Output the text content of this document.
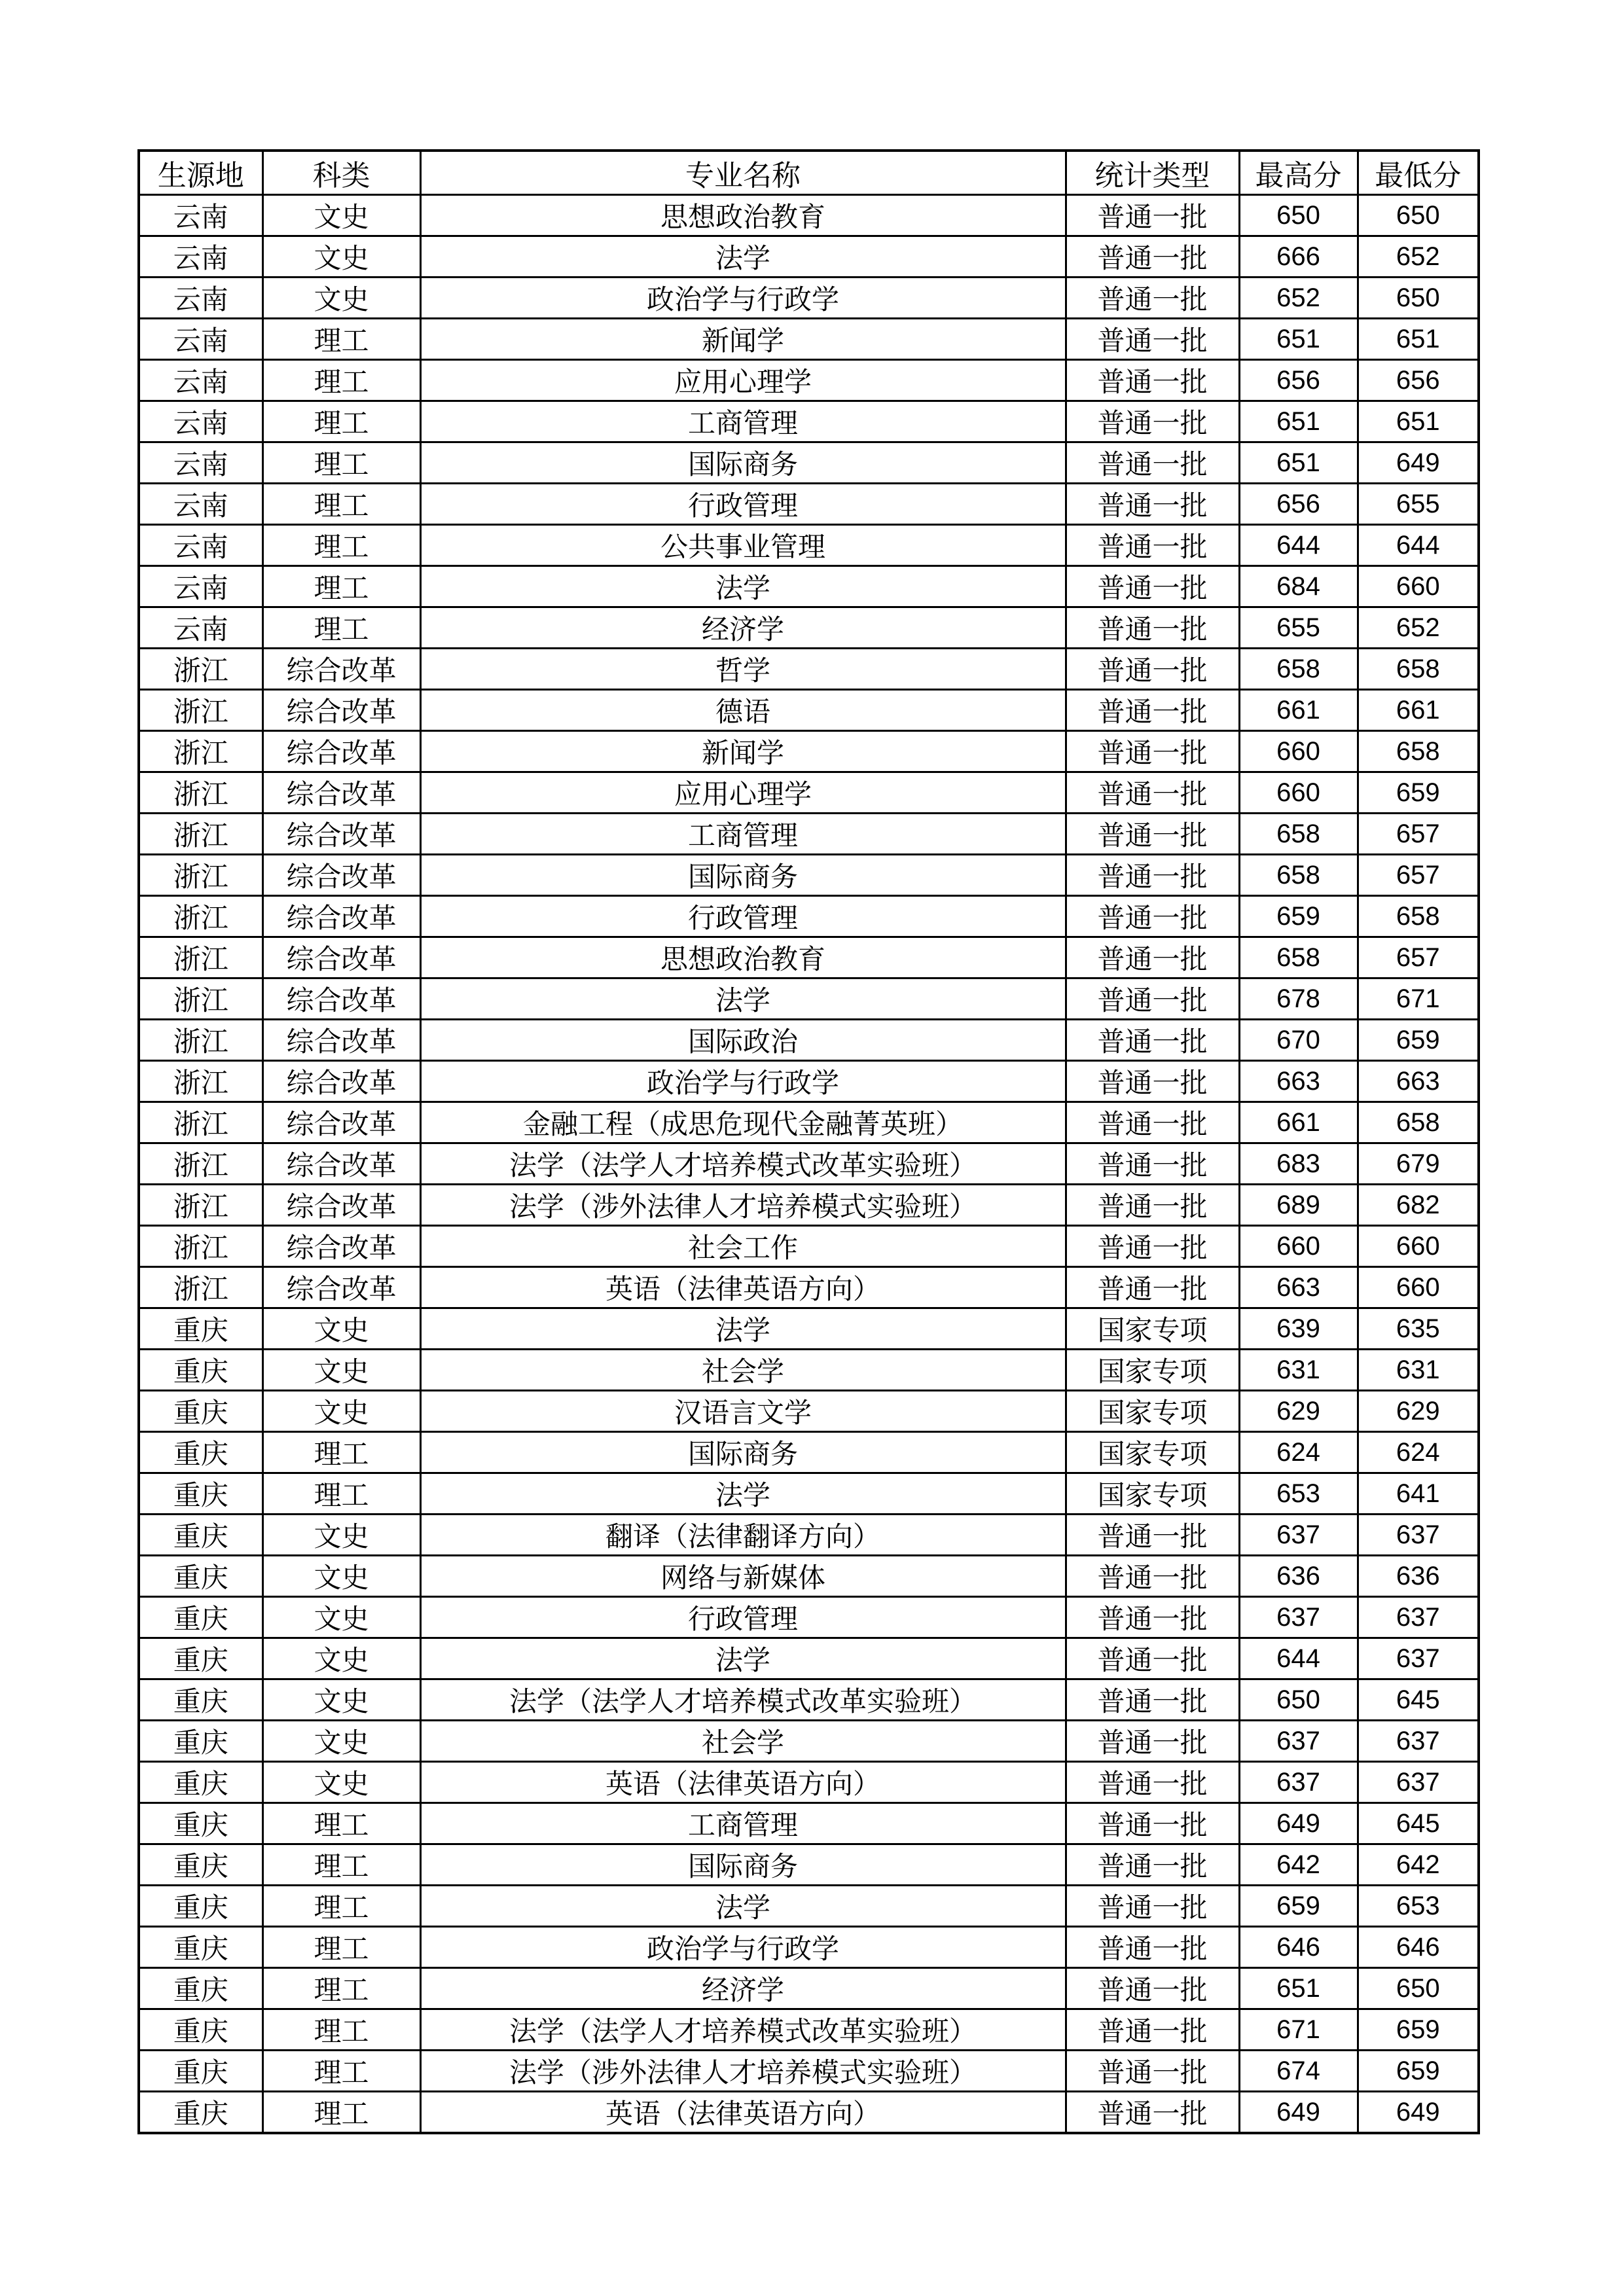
生源地	科类	专业名称	统计类型	最高分	最低分
云南	文史	思想政治教育	普通一批	650	650
云南	文史	法学	普通一批	666	652
云南	文史	政治学与行政学	普通一批	652	650
云南	理工	新闻学	普通一批	651	651
云南	理工	应用心理学	普通一批	656	656
云南	理工	工商管理	普通一批	651	651
云南	理工	国际商务	普通一批	651	649
云南	理工	行政管理	普通一批	656	655
云南	理工	公共事业管理	普通一批	644	644
云南	理工	法学	普通一批	684	660
云南	理工	经济学	普通一批	655	652
浙江	综合改革	哲学	普通一批	658	658
浙江	综合改革	德语	普通一批	661	661
浙江	综合改革	新闻学	普通一批	660	658
浙江	综合改革	应用心理学	普通一批	660	659
浙江	综合改革	工商管理	普通一批	658	657
浙江	综合改革	国际商务	普通一批	658	657
浙江	综合改革	行政管理	普通一批	659	658
浙江	综合改革	思想政治教育	普通一批	658	657
浙江	综合改革	法学	普通一批	678	671
浙江	综合改革	国际政治	普通一批	670	659
浙江	综合改革	政治学与行政学	普通一批	663	663
浙江	综合改革	金融工程（成思危现代金融菁英班）	普通一批	661	658
浙江	综合改革	法学（法学人才培养模式改革实验班）	普通一批	683	679
浙江	综合改革	法学（涉外法律人才培养模式实验班）	普通一批	689	682
浙江	综合改革	社会工作	普通一批	660	660
浙江	综合改革	英语（法律英语方向）	普通一批	663	660
重庆	文史	法学	国家专项	639	635
重庆	文史	社会学	国家专项	631	631
重庆	文史	汉语言文学	国家专项	629	629
重庆	理工	国际商务	国家专项	624	624
重庆	理工	法学	国家专项	653	641
重庆	文史	翻译（法律翻译方向）	普通一批	637	637
重庆	文史	网络与新媒体	普通一批	636	636
重庆	文史	行政管理	普通一批	637	637
重庆	文史	法学	普通一批	644	637
重庆	文史	法学（法学人才培养模式改革实验班）	普通一批	650	645
重庆	文史	社会学	普通一批	637	637
重庆	文史	英语（法律英语方向）	普通一批	637	637
重庆	理工	工商管理	普通一批	649	645
重庆	理工	国际商务	普通一批	642	642
重庆	理工	法学	普通一批	659	653
重庆	理工	政治学与行政学	普通一批	646	646
重庆	理工	经济学	普通一批	651	650
重庆	理工	法学（法学人才培养模式改革实验班）	普通一批	671	659
重庆	理工	法学（涉外法律人才培养模式实验班）	普通一批	674	659
重庆	理工	英语（法律英语方向）	普通一批	649	649
